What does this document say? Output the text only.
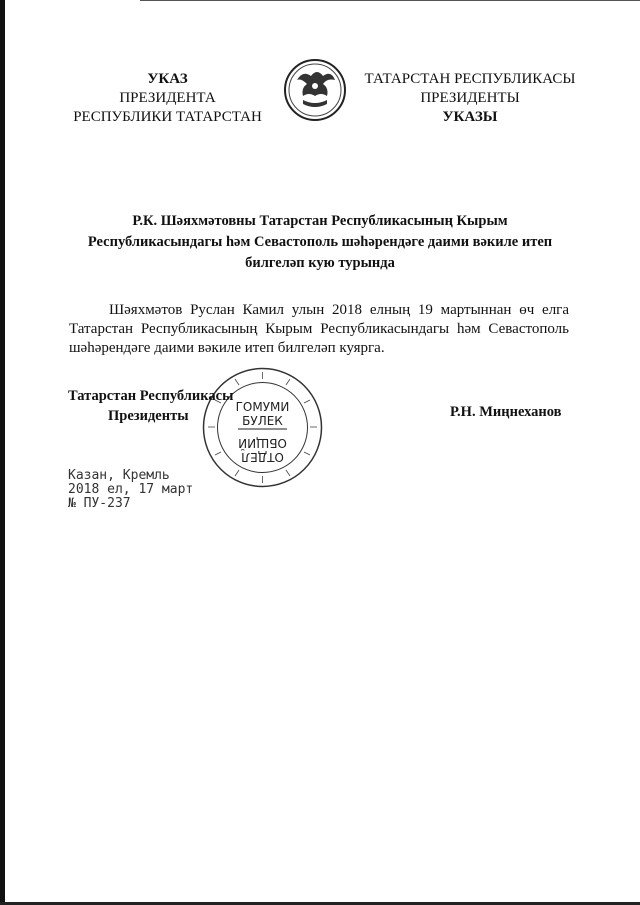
УКАЗ
ПРЕЗИДЕНТА
РЕСПУБЛИКИ ТАТАРСТАН
ТАТАРСТАН РЕСПУБЛИКАСЫ
ПРЕЗИДЕНТЫ
УКАЗЫ
Р.К. Шәяхмәтовны Татарстан Республикасының Кырым
Республикасындагы һәм Севастополь шәһәрендәге даими вәкиле итеп
билгеләп кую турында
Шәяхмәтов Руслан Камил улын 2018 елның 19 мартыннан өч елга Татарстан Республикасының Кырым Республикасындагы һәм Севастополь шәһәрендәге даими вәкиле итеп билгеләп куярга.
ГОМУМИ
БУЛЕК
ОТДЕЛ
ОБЩИЙ
Татарстан Республикасы
Президенты	Р.Н. Миңнеханов
Казан, Кремль
2018 ел, 17 март
№ ПУ-237
